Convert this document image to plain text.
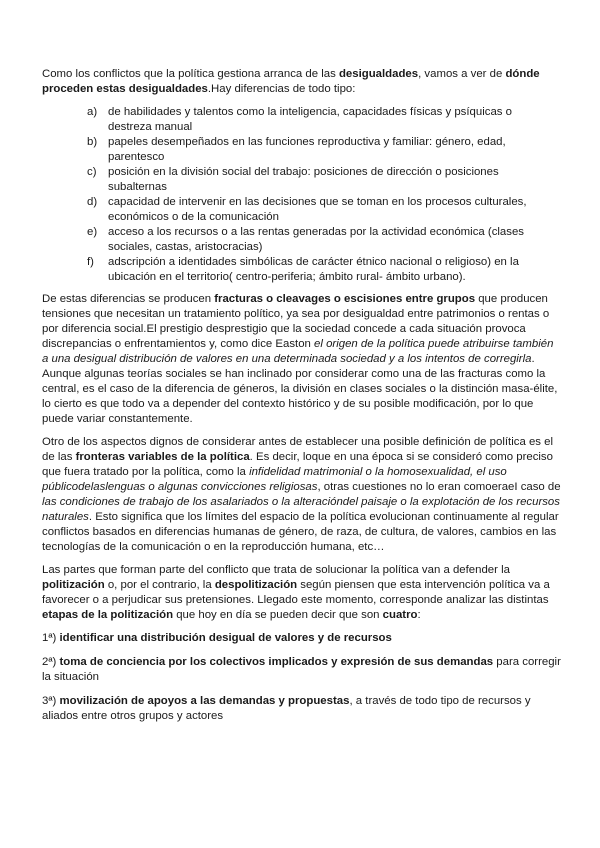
Como los conflictos que la política gestiona arranca de las desigualdades, vamos a ver de dónde proceden estas desigualdades.Hay diferencias de todo tipo:

a) de habilidades y talentos como la inteligencia, capacidades físicas y psíquicas o destreza manual
b) papeles desempeñados en las funciones reproductiva y familiar: género, edad, parentesco
c) posición en la división social del trabajo: posiciones de dirección o posiciones subalternas
d) capacidad de intervenir en las decisiones que se toman en los procesos culturales, económicos o de la comunicación
e) acceso a los recursos o a las rentas generadas por la actividad económica (clases sociales, castas, aristocracias)
f) adscripción a identidades simbólicas de carácter étnico nacional o religioso) en la ubicación en el territorio( centro-periferia; ámbito rural- ámbito urbano).

De estas diferencias se producen fracturas o cleavages o escisiones entre grupos que producen tensiones que necesitan un tratamiento político, ya sea por desigualdad entre patrimonios o rentas o por diferencia social.El prestigio desprestigio que la sociedad concede a cada situación provoca discrepancias o enfrentamientos y, como dice Easton el origen de la política puede atribuirse también a una desigual distribución de valores en una determinada sociedad y a los intentos de corregirla. Aunque algunas teorías sociales se han inclinado por considerar como una de las fracturas como la central, es el caso de la diferencia de géneros, la división en clases sociales o la distinción masa-élite, lo cierto es que todo va a depender del contexto histórico y de su posible modificación, por lo que puede variar constantemente.

Otro de los aspectos dignos de considerar antes de establecer una posible definición de política es el de las fronteras variables de la política. Es decir, loque en una época si se consideró como preciso que fuera tratado por la política, como la infidelidad matrimonial o la homosexualidad, el uso públicodelaslenguas o algunas convicciones religiosas, otras cuestiones no lo eran comoeraeI caso de las condiciones de trabajo de los asalariados o la alteracióndel paisaje o la explotación de los recursos naturales. Esto significa que los límites del espacio de la política evolucionan continuamente al regular conflictos basados en diferencias humanas de género, de raza, de cultura, de valores, cambios en las tecnologías de la comunicación o en la reproducción humana, etc…

Las partes que forman parte del conflicto que trata de solucionar la política van a defender la politización o, por el contrario, la despolitización según piensen que esta intervención política va a favorecer o a perjudicar sus pretensiones. Llegado este momento, corresponde analizar las distintas etapas de la politización que hoy en día se pueden decir que son cuatro:

1ª) identificar una distribución desigual de valores y de recursos

2ª) toma de conciencia por los colectivos implicados y expresión de sus demandas para corregir la situación

3ª) movilización de apoyos a las demandas y propuestas, a través de todo tipo de recursos y aliados entre otros grupos y actores
